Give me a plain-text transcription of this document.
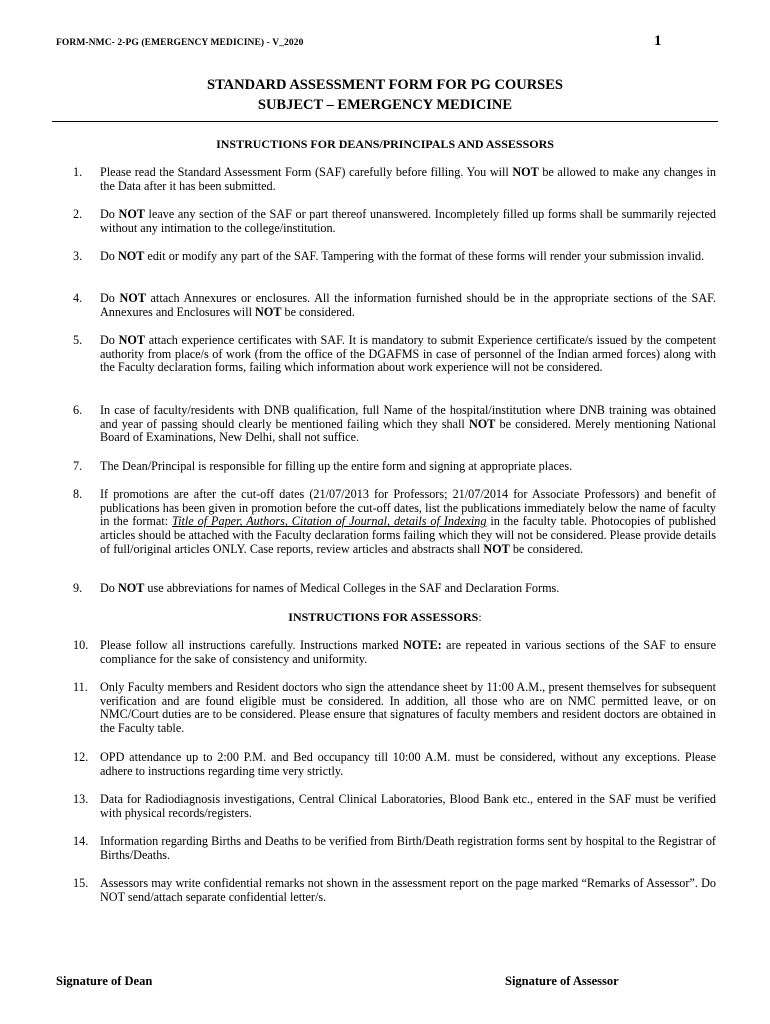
FORM-NMC- 2-PG (EMERGENCY MEDICINE) - V_2020	1
STANDARD ASSESSMENT FORM FOR PG COURSES
SUBJECT – EMERGENCY MEDICINE
INSTRUCTIONS FOR DEANS/PRINCIPALS AND ASSESSORS
1. Please read the Standard Assessment Form (SAF) carefully before filling. You will NOT be allowed to make any changes in the Data after it has been submitted.
2. Do NOT leave any section of the SAF or part thereof unanswered. Incompletely filled up forms shall be summarily rejected without any intimation to the college/institution.
3. Do NOT edit or modify any part of the SAF. Tampering with the format of these forms will render your submission invalid.
4. Do NOT attach Annexures or enclosures. All the information furnished should be in the appropriate sections of the SAF. Annexures and Enclosures will NOT be considered.
5. Do NOT attach experience certificates with SAF. It is mandatory to submit Experience certificate/s issued by the competent authority from place/s of work (from the office of the DGAFMS in case of personnel of the Indian armed forces) along with the Faculty declaration forms, failing which information about work experience will not be considered.
6. In case of faculty/residents with DNB qualification, full Name of the hospital/institution where DNB training was obtained and year of passing should clearly be mentioned failing which they shall NOT be considered. Merely mentioning National Board of Examinations, New Delhi, shall not suffice.
7. The Dean/Principal is responsible for filling up the entire form and signing at appropriate places.
8. If promotions are after the cut-off dates (21/07/2013 for Professors; 21/07/2014 for Associate Professors) and benefit of publications has been given in promotion before the cut-off dates, list the publications immediately below the name of faculty in the format: Title of Paper, Authors, Citation of Journal, details of Indexing in the faculty table. Photocopies of published articles should be attached with the Faculty declaration forms failing which they will not be considered. Please provide details of full/original articles ONLY. Case reports, review articles and abstracts shall NOT be considered.
9. Do NOT use abbreviations for names of Medical Colleges in the SAF and Declaration Forms.
INSTRUCTIONS FOR ASSESSORS:
10. Please follow all instructions carefully. Instructions marked NOTE: are repeated in various sections of the SAF to ensure compliance for the sake of consistency and uniformity.
11. Only Faculty members and Resident doctors who sign the attendance sheet by 11:00 A.M., present themselves for subsequent verification and are found eligible must be considered. In addition, all those who are on NMC permitted leave, or on NMC/Court duties are to be considered. Please ensure that signatures of faculty members and resident doctors are obtained in the Faculty table.
12. OPD attendance up to 2:00 P.M. and Bed occupancy till 10:00 A.M. must be considered, without any exceptions. Please adhere to instructions regarding time very strictly.
13. Data for Radiodiagnosis investigations, Central Clinical Laboratories, Blood Bank etc., entered in the SAF must be verified with physical records/registers.
14. Information regarding Births and Deaths to be verified from Birth/Death registration forms sent by hospital to the Registrar of Births/Deaths.
15. Assessors may write confidential remarks not shown in the assessment report on the page marked “Remarks of Assessor”. Do NOT send/attach separate confidential letter/s.
Signature of Dean	Signature of Assessor
